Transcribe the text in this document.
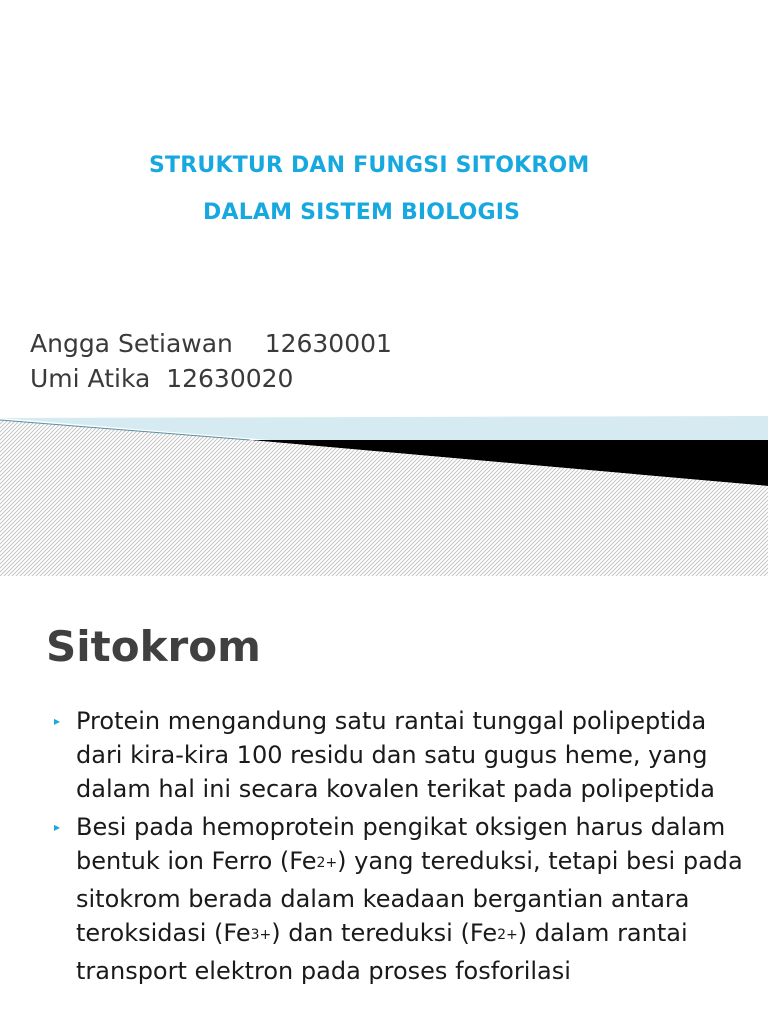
STRUKTUR DAN FUNGSI SITOKROM
DALAM SISTEM BIOLOGIS
Angga Setiawan 12630001
Umi Atika 12630020
Sitokrom
▸ Protein mengandung satu rantai tunggal polipeptida dari kira-kira 100 residu dan satu gugus heme, yang dalam hal ini secara kovalen terikat pada polipeptida
▸ Besi pada hemoprotein pengikat oksigen harus dalam bentuk ion Ferro $(Fe^{2+})$ yang tereduksi, tetapi besi pada sitokrom berada dalam keadaan bergantian antara teroksidasi $(Fe^{3+})$ dan tereduksi $(Fe^{2+})$ dalam rantai transport elektron pada proses fosforilasi
